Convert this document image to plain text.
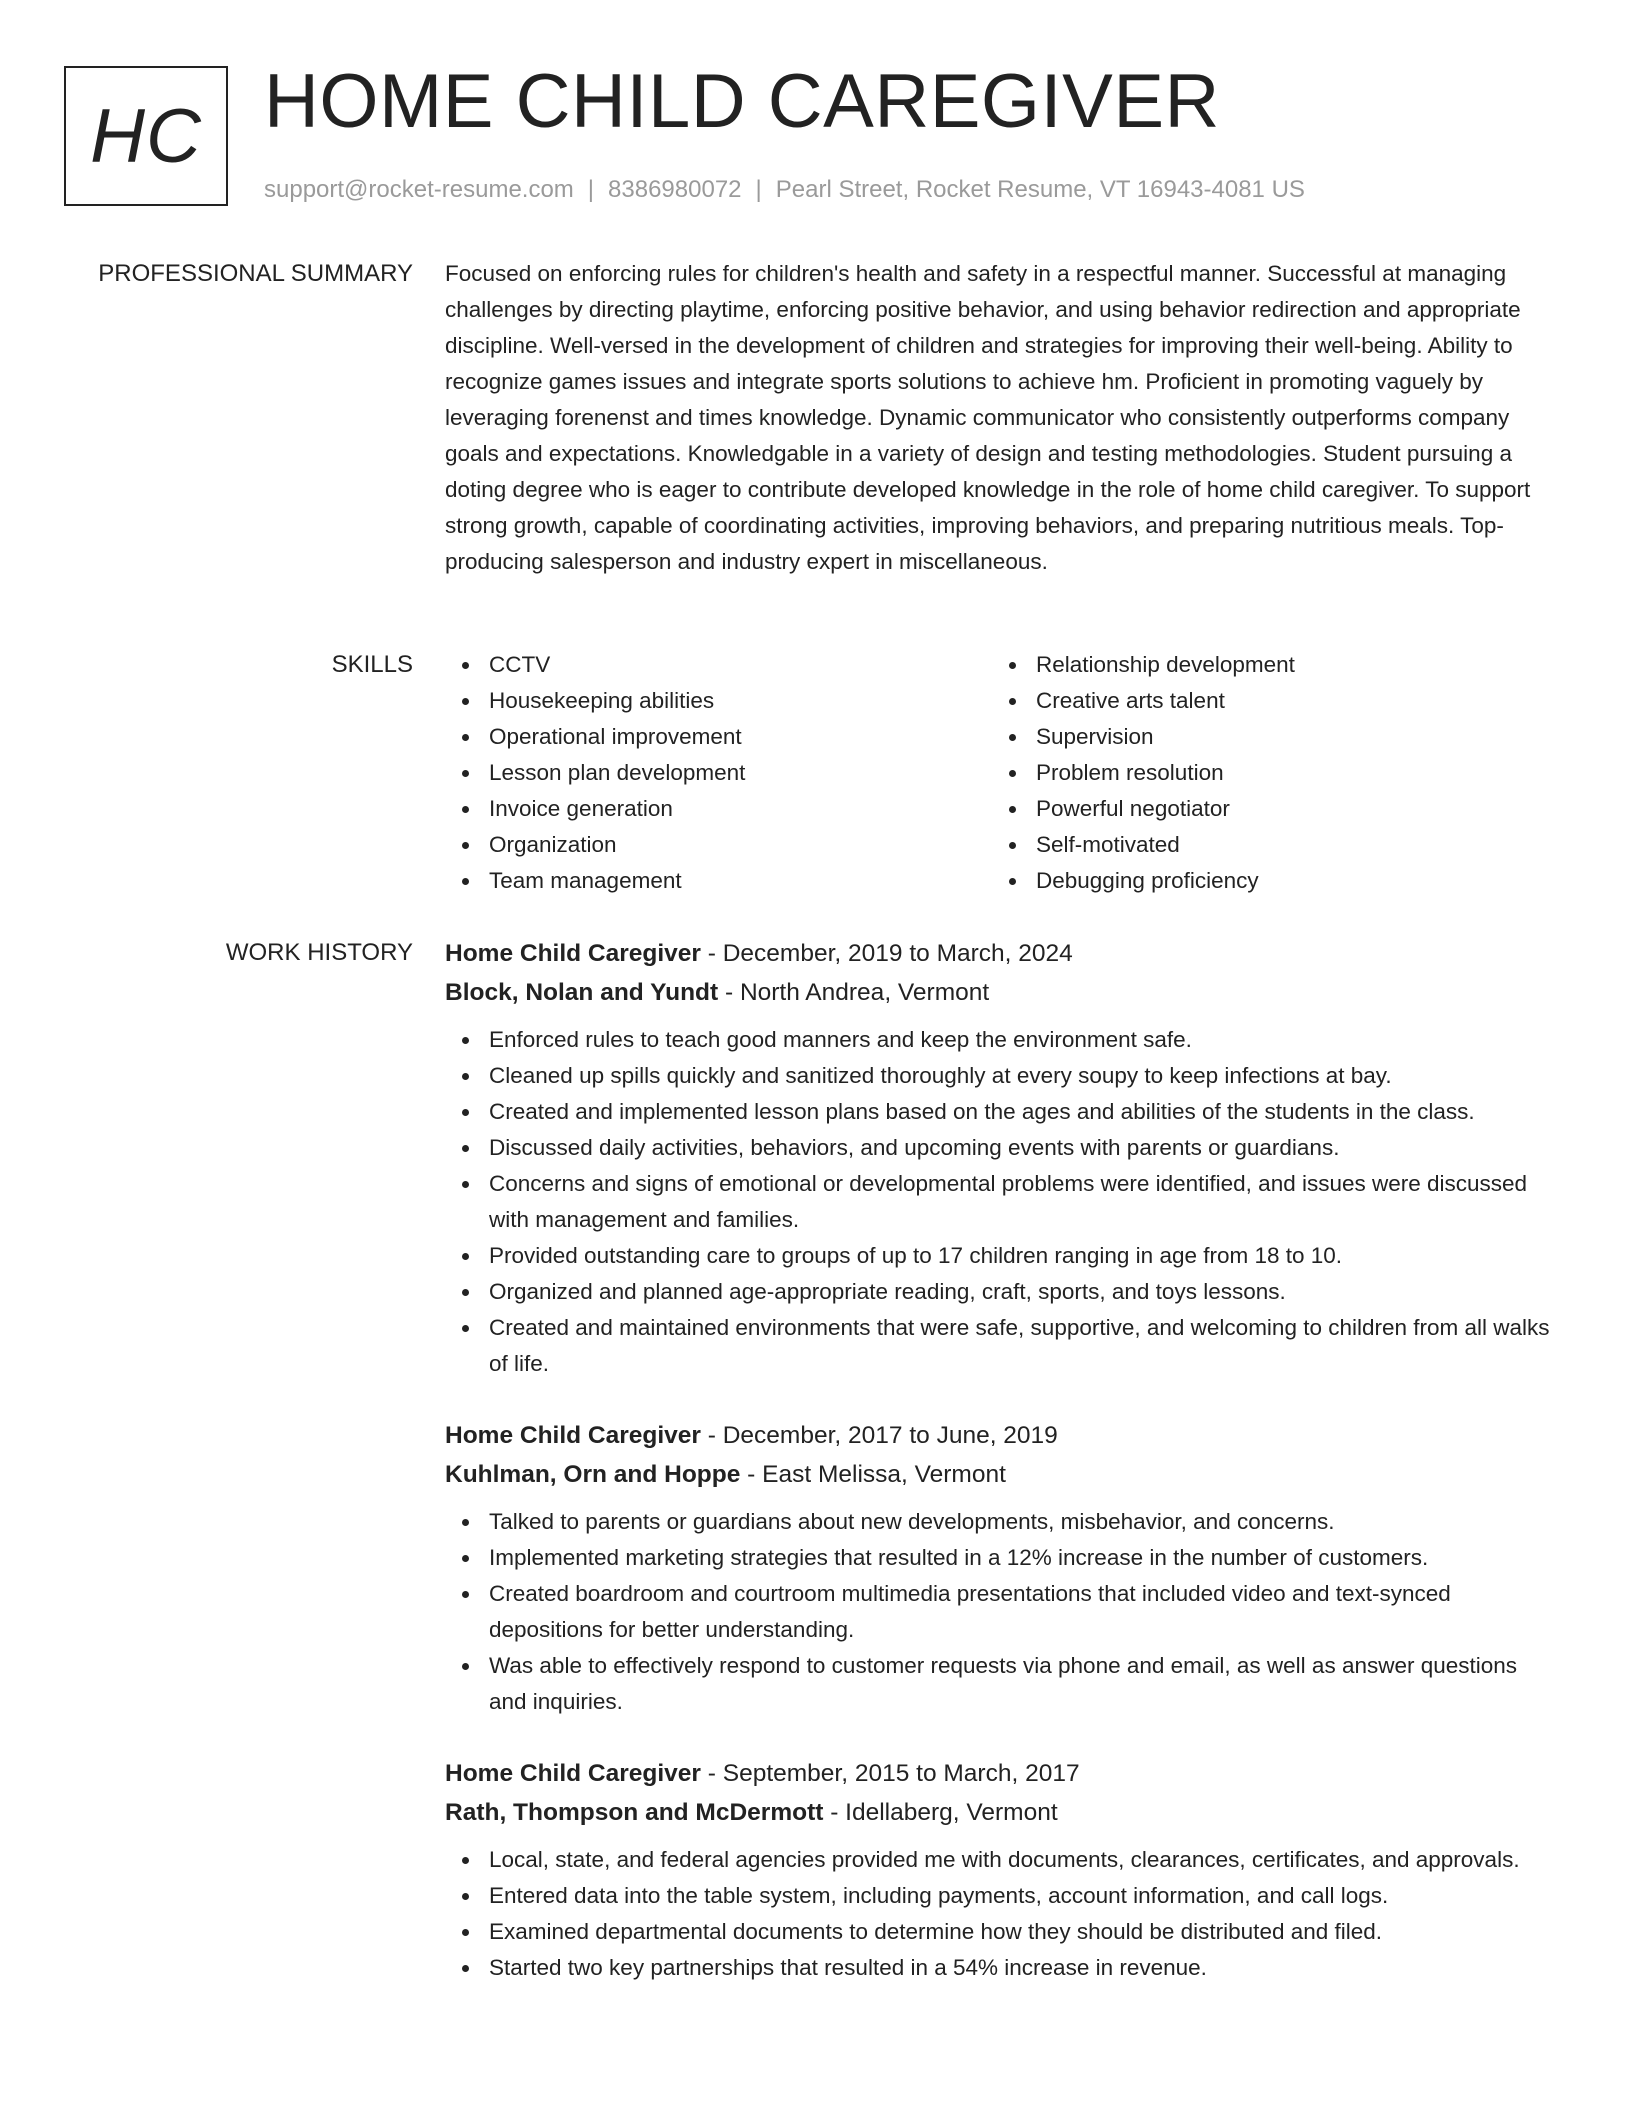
HC HOME CHILD CAREGIVER
support@rocket-resume.com | 8386980072 | Pearl Street, Rocket Resume, VT 16943-4081 US
PROFESSIONAL SUMMARY Focused on enforcing rules for children's health and safety in a respectful manner. Successful at managing challenges by directing playtime, enforcing positive behavior, and using behavior redirection and appropriate discipline. Well-versed in the development of children and strategies for improving their well-being. Ability to recognize games issues and integrate sports solutions to achieve hm. Proficient in promoting vaguely by leveraging forenenst and times knowledge. Dynamic communicator who consistently outperforms company goals and expectations. Knowledgable in a variety of design and testing methodologies. Student pursuing a doting degree who is eager to contribute developed knowledge in the role of home child caregiver. To support strong growth, capable of coordinating activities, improving behaviors, and preparing nutritious meals. Top-producing salesperson and industry expert in miscellaneous.

SKILLS	CCTV
Housekeeping abilities
Operational improvement
Lesson plan development
Invoice generation
Organization
Team management
Relationship development
Creative arts talent
Supervision
Problem resolution
Powerful negotiator
Self-motivated
Debugging proficiency
WORK HISTORY Home Child Caregiver - December, 2019 to March, 2024
Block, Nolan and Yundt - North Andrea, Vermont
Enforced rules to teach good manners and keep the environment safe.
Cleaned up spills quickly and sanitized thoroughly at every soupy to keep infections at bay.
Created and implemented lesson plans based on the ages and abilities of the students in the class.
Discussed daily activities, behaviors, and upcoming events with parents or guardians.
Concerns and signs of emotional or developmental problems were identified, and issues were discussed with management and families.
Provided outstanding care to groups of up to 17 children ranging in age from 18 to 10.
Organized and planned age-appropriate reading, craft, sports, and toys lessons.
Created and maintained environments that were safe, supportive, and welcoming to children from all walks of life.
Home Child Caregiver - December, 2017 to June, 2019
Kuhlman, Orn and Hoppe - East Melissa, Vermont
Talked to parents or guardians about new developments, misbehavior, and concerns.
Implemented marketing strategies that resulted in a 12% increase in the number of customers.
Created boardroom and courtroom multimedia presentations that included video and text-synced depositions for better understanding.
Was able to effectively respond to customer requests via phone and email, as well as answer questions and inquiries.
Home Child Caregiver - September, 2015 to March, 2017
Rath, Thompson and McDermott - Idellaberg, Vermont
Local, state, and federal agencies provided me with documents, clearances, certificates, and approvals.
Entered data into the table system, including payments, account information, and call logs.
Examined departmental documents to determine how they should be distributed and filed.
Started two key partnerships that resulted in a 54% increase in revenue.
